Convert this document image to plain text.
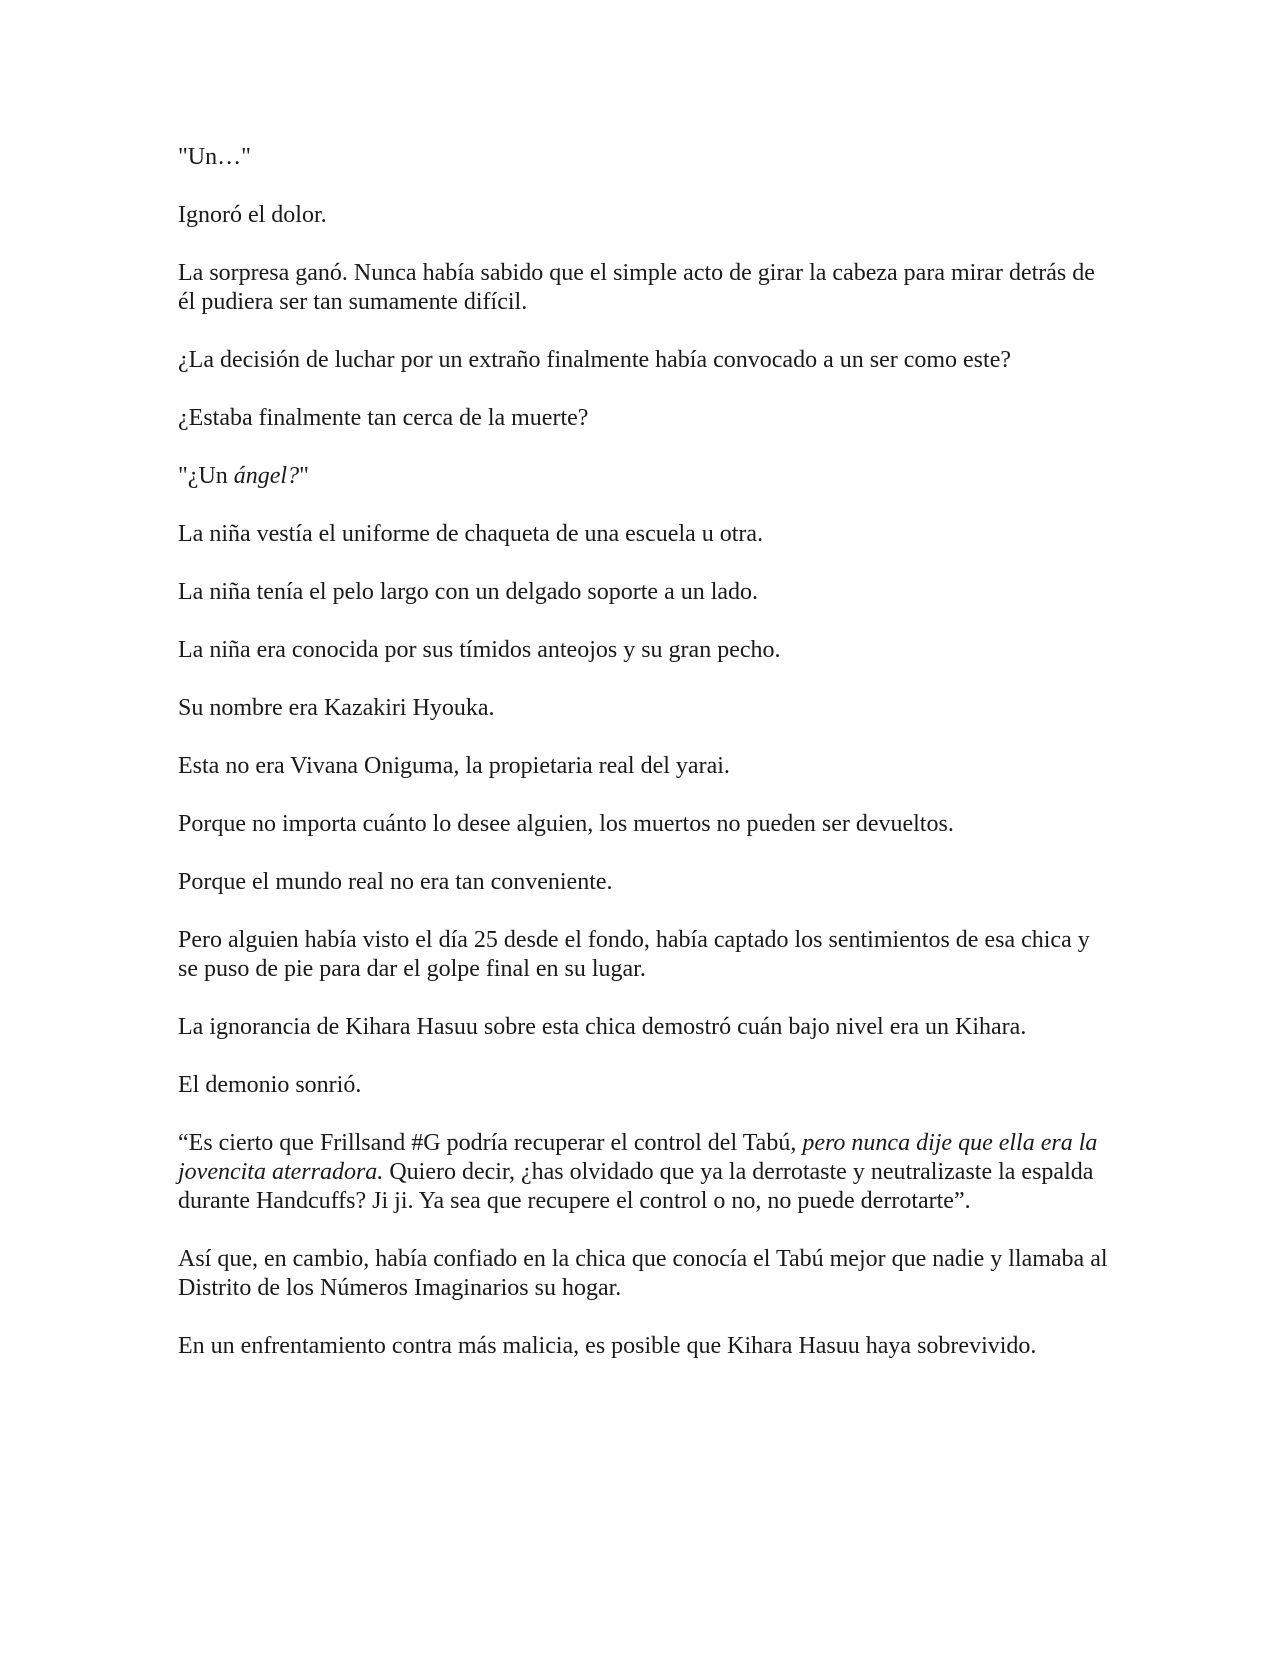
"Un…"

Ignoró el dolor.

La sorpresa ganó. Nunca había sabido que el simple acto de girar la cabeza para mirar detrás de él pudiera ser tan sumamente difícil.

¿La decisión de luchar por un extraño finalmente había convocado a un ser como este?

¿Estaba finalmente tan cerca de la muerte?

"¿Un ángel?"

La niña vestía el uniforme de chaqueta de una escuela u otra.

La niña tenía el pelo largo con un delgado soporte a un lado.

La niña era conocida por sus tímidos anteojos y su gran pecho.

Su nombre era Kazakiri Hyouka.

Esta no era Vivana Oniguma, la propietaria real del yarai.

Porque no importa cuánto lo desee alguien, los muertos no pueden ser devueltos.

Porque el mundo real no era tan conveniente.

Pero alguien había visto el día 25 desde el fondo, había captado los sentimientos de esa chica y se puso de pie para dar el golpe final en su lugar.

La ignorancia de Kihara Hasuu sobre esta chica demostró cuán bajo nivel era un Kihara.

El demonio sonrió.

“Es cierto que Frillsand #G podría recuperar el control del Tabú, pero nunca dije que ella era la jovencita aterradora. Quiero decir, ¿has olvidado que ya la derrotaste y neutralizaste la espalda durante Handcuffs? Ji ji. Ya sea que recupere el control o no, no puede derrotarte”.

Así que, en cambio, había confiado en la chica que conocía el Tabú mejor que nadie y llamaba al Distrito de los Números Imaginarios su hogar.

En un enfrentamiento contra más malicia, es posible que Kihara Hasuu haya sobrevivido.
